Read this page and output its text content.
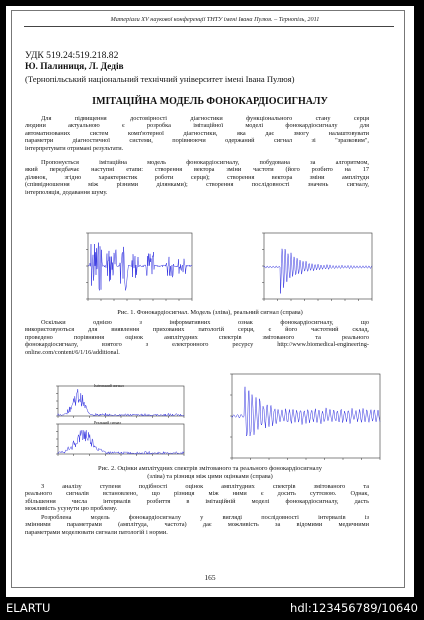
Матеріали XV наукової конференції ТНТУ імені Івана Пулюя. – Тернопіль, 2011
УДК 519.24:519.218.82
Ю. Палиниця, Л. Дедів
(Тернопільський національний технічний університет імені Івана Пулюя)
ІМІТАЦІЙНА МОДЕЛЬ ФОНОКАРДІОСИГНАЛУ
Для підвищення достовірності діагностики функціонального стану серця
людини актуальною є розробка імітаційної моделі фонокардіосигналу для
автоматизованих систем комп'ютерної діагностики, яка дає змогу налаштовувати
параметри діагностичної системи, порівнюючи одержаний сигнал зі "зразковим",
інтерпретувати отримані результати.
Пропонується імітаційна модель фонокардіосигналу, побудована за алгоритмом,
який передбачає наступні етапи: створення вектора зміни частоти (його розбито на 17
ділянок, згідно характеристик роботи серця); створення вектора зміни амплітуди
(співвідношення між різними ділянками); створення послідовності значень сигналу,
інтерполяція, додавання шуму.
Рис. 1. Фонокардіосигнал. Модель (зліва), реальний сигнал (справа)
Оскільки однією з інформативних ознак фонокардіосигналу, що
використовуються для виявлення прихованих патологій серця, є його частотний склад,
проведено порівняння оцінок амплітудних спектрів змітованого та реального
фонокардіосигналу, взятого з електронного ресурсу http://www.biomedical-engineering-
online.com/content/6/1/16/additional.
Імітований сигнал
Реальний сигнал
Рис. 2. Оцінки амплітудних спектрів змітованого та реального фонокардіосигналу
(зліва) та різниця між цими оцінками (справа)
З аналізу ступеня подібності оцінок амплітудних спектрів змітованого та
реального сигналів встановлено, що різниця між ними є досить суттєвою. Однак,
збільшення числа інтервалів розбиття в імітаційній моделі фонокардіосигналу, дасть
можливість усунути цю проблему.
Розроблена модель фонокардіосигналу у вигляді послідовності інтервалів із
змінними параметрами (амплітуда, частота) дає можливість за відомими медичними
параметрами моделювати сигнали патологій і норми.
165
ELARTU	hdl:123456789/10640
